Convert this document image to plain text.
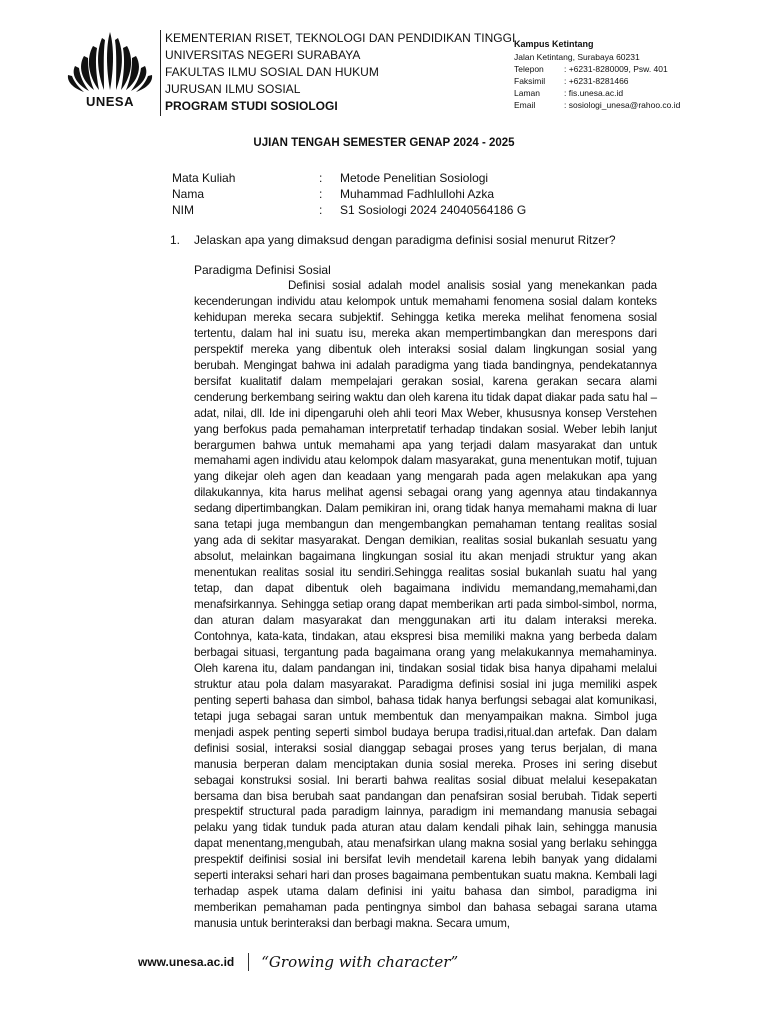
UNESA
KEMENTERIAN RISET, TEKNOLOGI DAN PENDIDIKAN TINGGI
UNIVERSITAS NEGERI SURABAYA
FAKULTAS ILMU SOSIAL DAN HUKUM
JURUSAN ILMU SOSIAL
PROGRAM STUDI SOSIOLOGI
Kampus Ketintang
Jalan Ketintang, Surabaya 60231
Telepon	: +6231-8280009, Psw. 401
Faksimil	: +6231-8281466
Laman	: fis.unesa.ac.id
Email	: sosiologi_unesa@rahoo.co.id
UJIAN TENGAH SEMESTER GENAP 2024 - 2025
Mata Kuliah	:	Metode Penelitian Sosiologi
Nama	:	Muhammad Fadhlullohi Azka
NIM	:	S1 Sosiologi 2024 24040564186 G
1.	Jelaskan apa yang dimaksud dengan paradigma definisi sosial menurut Ritzer?
Paradigma Definisi Sosial

Definisi sosial adalah model analisis sosial yang menekankan pada kecenderungan individu atau kelompok untuk memahami fenomena sosial dalam konteks kehidupan mereka secara subjektif. Sehingga ketika mereka melihat fenomena sosial tertentu, dalam hal ini suatu isu, mereka akan mempertimbangkan dan merespons dari perspektif mereka yang dibentuk oleh interaksi sosial dalam lingkungan sosial yang berubah. Mengingat bahwa ini adalah paradigma yang tiada bandingnya, pendekatannya bersifat kualitatif dalam mempelajari gerakan sosial, karena gerakan secara alami cenderung berkembang seiring waktu dan oleh karena itu tidak dapat diakar pada satu hal – adat, nilai, dll. Ide ini dipengaruhi oleh ahli teori Max Weber, khususnya konsep Verstehen yang berfokus pada pemahaman interpretatif terhadap tindakan sosial. Weber lebih lanjut berargumen bahwa untuk memahami apa yang terjadi dalam masyarakat dan untuk memahami agen individu atau kelompok dalam masyarakat, guna menentukan motif, tujuan yang dikejar oleh agen dan keadaan yang mengarah pada agen melakukan apa yang dilakukannya, kita harus melihat agensi sebagai orang yang agennya atau tindakannya sedang dipertimbangkan. Dalam pemikiran ini, orang tidak hanya memahami makna di luar sana tetapi juga membangun dan mengembangkan pemahaman tentang realitas sosial yang ada di sekitar masyarakat. Dengan demikian, realitas sosial bukanlah sesuatu yang absolut, melainkan bagaimana lingkungan sosial itu akan menjadi struktur yang akan menentukan realitas sosial itu sendiri.Sehingga realitas sosial bukanlah suatu hal yang tetap, dan dapat dibentuk oleh bagaimana individu memandang,memahami,dan menafsirkannya. Sehingga setiap orang dapat memberikan arti pada simbol-simbol, norma, dan aturan dalam masyarakat dan menggunakan arti itu dalam interaksi mereka. Contohnya, kata-kata, tindakan, atau ekspresi bisa memiliki makna yang berbeda dalam berbagai situasi, tergantung pada bagaimana orang yang melakukannya memahaminya. Oleh karena itu, dalam pandangan ini, tindakan sosial tidak bisa hanya dipahami melalui struktur atau pola dalam masyarakat. Paradigma definisi sosial ini juga memiliki aspek penting seperti bahasa dan simbol, bahasa tidak hanya berfungsi sebagai alat komunikasi, tetapi juga sebagai saran untuk membentuk dan menyampaikan makna. Simbol juga menjadi aspek penting seperti simbol budaya berupa tradisi,ritual.dan artefak. Dan dalam definisi sosial, interaksi sosial dianggap sebagai proses yang terus berjalan, di mana manusia berperan dalam menciptakan dunia sosial mereka. Proses ini sering disebut sebagai konstruksi sosial. Ini berarti bahwa realitas sosial dibuat melalui kesepakatan bersama dan bisa berubah saat pandangan dan penafsiran sosial berubah. Tidak seperti prespektif structural pada paradigm lainnya, paradigm ini memandang manusia sebagai pelaku yang tidak tunduk pada aturan atau dalam kendali pihak lain, sehingga manusia dapat menentang,mengubah, atau menafsirkan ulang makna sosial yang berlaku sehingga prespektif deifinisi sosial ini bersifat levih mendetail karena lebih banyak yang didalami seperti interaksi sehari hari dan proses bagaimana pembentukan suatu makna. Kembali lagi terhadap aspek utama dalam definisi ini yaitu bahasa dan simbol, paradigma ini memberikan pemahaman pada pentingnya simbol dan bahasa sebagai sarana utama manusia untuk berinteraksi dan berbagi makna. Secara umum,

www.unesa.ac.id “Growing with character”
